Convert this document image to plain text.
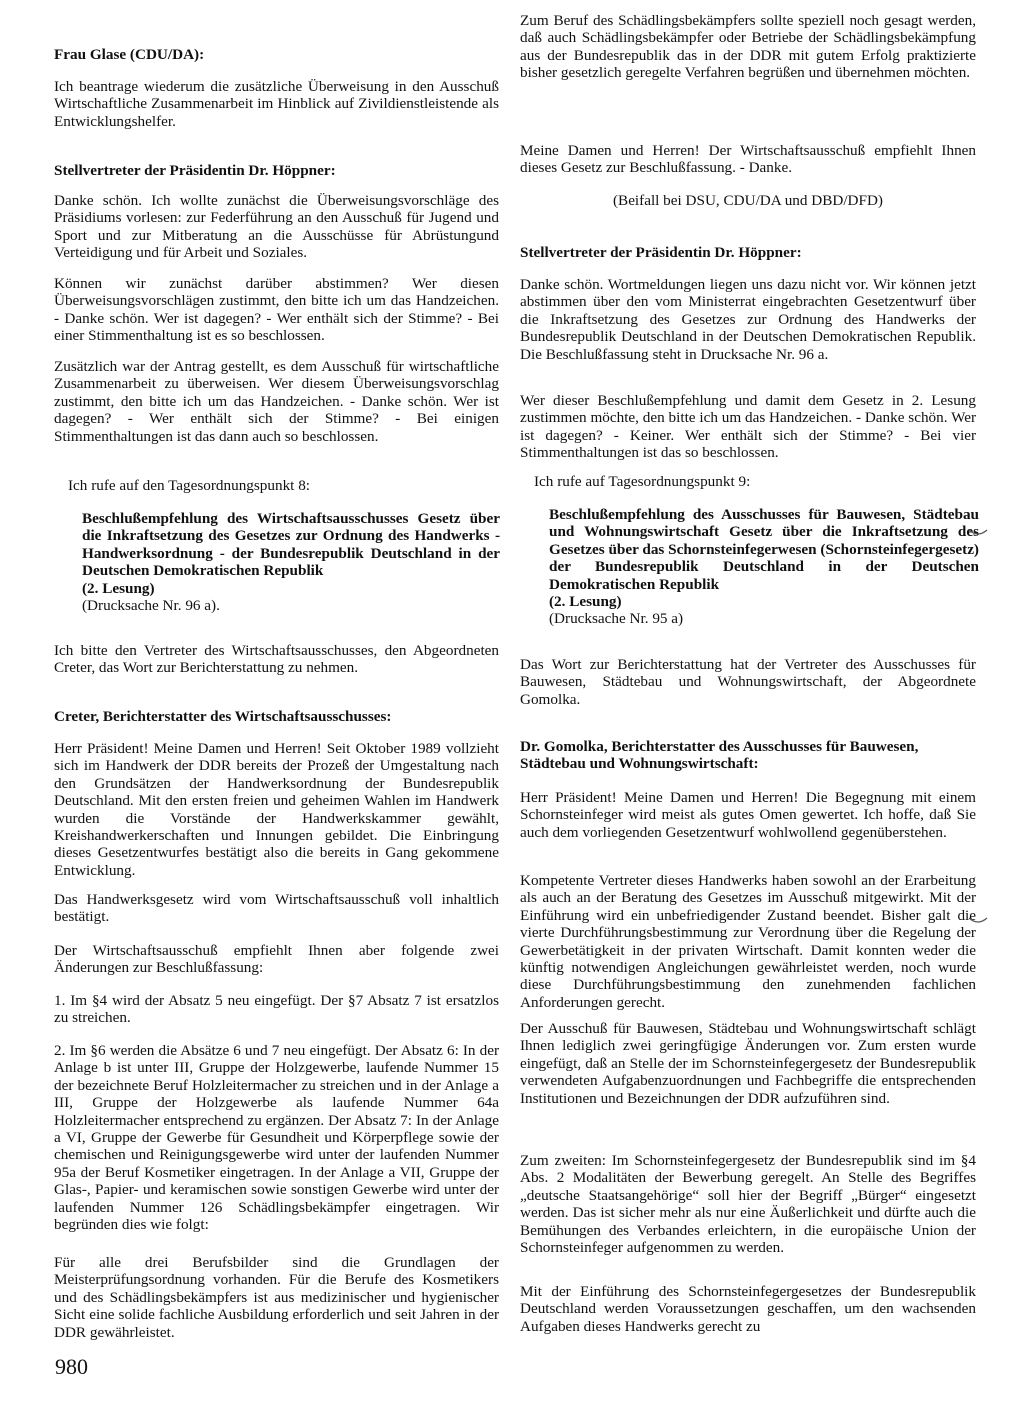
Frau Glase (CDU/DA):

Ich beantrage wiederum die zusätzliche Überweisung in den Ausschuß Wirtschaftliche Zusammenarbeit im Hinblick auf Zivildienstleistende als Entwicklungshelfer.

Stellvertreter der Präsidentin Dr. Höppner:

Danke schön. Ich wollte zunächst die Überweisungsvorschläge des Präsidiums vorlesen: zur Federführung an den Ausschuß für Jugend und Sport und zur Mitberatung an die Ausschüsse für Abrüstungund Verteidigung und für Arbeit und Soziales.

Können wir zunächst darüber abstimmen? Wer diesen Überweisungsvorschlägen zustimmt, den bitte ich um das Handzeichen. - Danke schön. Wer ist dagegen? - Wer enthält sich der Stimme? - Bei einer Stimmenthaltung ist es so beschlossen.

Zusätzlich war der Antrag gestellt, es dem Ausschuß für wirtschaftliche Zusammenarbeit zu überweisen. Wer diesem Überweisungsvorschlag zustimmt, den bitte ich um das Handzeichen. - Danke schön. Wer ist dagegen? - Wer enthält sich der Stimme? - Bei einigen Stimmenthaltungen ist das dann auch so beschlossen.

Ich rufe auf den Tagesordnungspunkt 8:

Beschlußempfehlung des Wirtschaftsausschusses Gesetz über die Inkraftsetzung des Gesetzes zur Ordnung des Handwerks - Handwerksordnung - der Bundesrepublik Deutschland in der Deutschen Demokratischen Republik
(2. Lesung)
(Drucksache Nr. 96 a).

Ich bitte den Vertreter des Wirtschaftsausschusses, den Abgeordneten Creter, das Wort zur Berichterstattung zu nehmen.

Creter, Berichterstatter des Wirtschaftsausschusses:

Herr Präsident! Meine Damen und Herren! Seit Oktober 1989 vollzieht sich im Handwerk der DDR bereits der Prozeß der Umgestaltung nach den Grundsätzen der Handwerksordnung der Bundesrepublik Deutschland. Mit den ersten freien und geheimen Wahlen im Handwerk wurden die Vorstände der Handwerkskammer gewählt, Kreishandwerkerschaften und Innungen gebildet. Die Einbringung dieses Gesetzentwurfes bestätigt also die bereits in Gang gekommene Entwicklung.

Das Handwerksgesetz wird vom Wirtschaftsausschuß voll inhaltlich bestätigt.

Der Wirtschaftsausschuß empfiehlt Ihnen aber folgende zwei Änderungen zur Beschlußfassung:

1. Im §4 wird der Absatz 5 neu eingefügt. Der §7 Absatz 7 ist ersatzlos zu streichen.

2. Im §6 werden die Absätze 6 und 7 neu eingefügt. Der Absatz 6: In der Anlage b ist unter III, Gruppe der Holzgewerbe, laufende Nummer 15 der bezeichnete Beruf Holzleitermacher zu streichen und in der Anlage a III, Gruppe der Holzgewerbe als laufende Nummer 64a Holzleitermacher entsprechend zu ergänzen. Der Absatz 7: In der Anlage a VI, Gruppe der Gewerbe für Gesundheit und Körperpflege sowie der chemischen und Reinigungsgewerbe wird unter der laufenden Nummer 95a der Beruf Kosmetiker eingetragen. In der Anlage a VII, Gruppe der Glas-, Papier- und keramischen sowie sonstigen Gewerbe wird unter der laufenden Nummer 126 Schädlingsbekämpfer eingetragen. Wir begründen dies wie folgt:

Für alle drei Berufsbilder sind die Grundlagen der Meisterprüfungsordnung vorhanden. Für die Berufe des Kosmetikers und des Schädlingsbekämpfers ist aus medizinischer und hygienischer Sicht eine solide fachliche Ausbildung erforderlich und seit Jahren in der DDR gewährleistet.

980

Zum Beruf des Schädlingsbekämpfers sollte speziell noch gesagt werden, daß auch Schädlingsbekämpfer oder Betriebe der Schädlingsbekämpfung aus der Bundesrepublik das in der DDR mit gutem Erfolg praktizierte bisher gesetzlich geregelte Verfahren begrüßen und übernehmen möchten.

Meine Damen und Herren! Der Wirtschaftsausschuß empfiehlt Ihnen dieses Gesetz zur Beschlußfassung. - Danke.

(Beifall bei DSU, CDU/DA und DBD/DFD)

Stellvertreter der Präsidentin Dr. Höppner:

Danke schön. Wortmeldungen liegen uns dazu nicht vor. Wir können jetzt abstimmen über den vom Ministerrat eingebrachten Gesetzentwurf über die Inkraftsetzung des Gesetzes zur Ordnung des Handwerks der Bundesrepublik Deutschland in der Deutschen Demokratischen Republik. Die Beschlußfassung steht in Drucksache Nr. 96 a.

Wer dieser Beschlußempfehlung und damit dem Gesetz in 2. Lesung zustimmen möchte, den bitte ich um das Handzeichen. - Danke schön. Wer ist dagegen? - Keiner. Wer enthält sich der Stimme? - Bei vier Stimmenthaltungen ist das so beschlossen.

Ich rufe auf Tagesordnungspunkt 9:

Beschlußempfehlung des Ausschusses für Bauwesen, Städtebau und Wohnungswirtschaft Gesetz über die Inkraftsetzung des Gesetzes über das Schornsteinfegerwesen (Schornsteinfegergesetz) der Bundesrepublik Deutschland in der Deutschen Demokratischen Republik
(2. Lesung)
(Drucksache Nr. 95 a)

Das Wort zur Berichterstattung hat der Vertreter des Ausschusses für Bauwesen, Städtebau und Wohnungswirtschaft, der Abgeordnete Gomolka.

Dr. Gomolka, Berichterstatter des Ausschusses für Bauwesen, Städtebau und Wohnungswirtschaft:

Herr Präsident! Meine Damen und Herren! Die Begegnung mit einem Schornsteinfeger wird meist als gutes Omen gewertet. Ich hoffe, daß Sie auch dem vorliegenden Gesetzentwurf wohlwollend gegenüberstehen.

Kompetente Vertreter dieses Handwerks haben sowohl an der Erarbeitung als auch an der Beratung des Gesetzes im Ausschuß mitgewirkt. Mit der Einführung wird ein unbefriedigender Zustand beendet. Bisher galt die vierte Durchführungsbestimmung zur Verordnung über die Regelung der Gewerbetätigkeit in der privaten Wirtschaft. Damit konnten weder die künftig notwendigen Angleichungen gewährleistet werden, noch wurde diese Durchführungsbestimmung den zunehmenden fachlichen Anforderungen gerecht.

Der Ausschuß für Bauwesen, Städtebau und Wohnungswirtschaft schlägt Ihnen lediglich zwei geringfügige Änderungen vor. Zum ersten wurde eingefügt, daß an Stelle der im Schornsteinfegergesetz der Bundesrepublik verwendeten Aufgabenzuordnungen und Fachbegriffe die entsprechenden Institutionen und Bezeichnungen der DDR aufzuführen sind.

Zum zweiten: Im Schornsteinfegergesetz der Bundesrepublik sind im §4 Abs. 2 Modalitäten der Bewerbung geregelt. An Stelle des Begriffes „deutsche Staatsangehörige“ soll hier der Begriff „Bürger“ eingesetzt werden. Das ist sicher mehr als nur eine Äußerlichkeit und dürfte auch die Bemühungen des Verbandes erleichtern, in die europäische Union der Schornsteinfeger aufgenommen zu werden.

Mit der Einführung des Schornsteinfegergesetzes der Bundesrepublik Deutschland werden Voraussetzungen geschaffen, um den wachsenden Aufgaben dieses Handwerks gerecht zu
